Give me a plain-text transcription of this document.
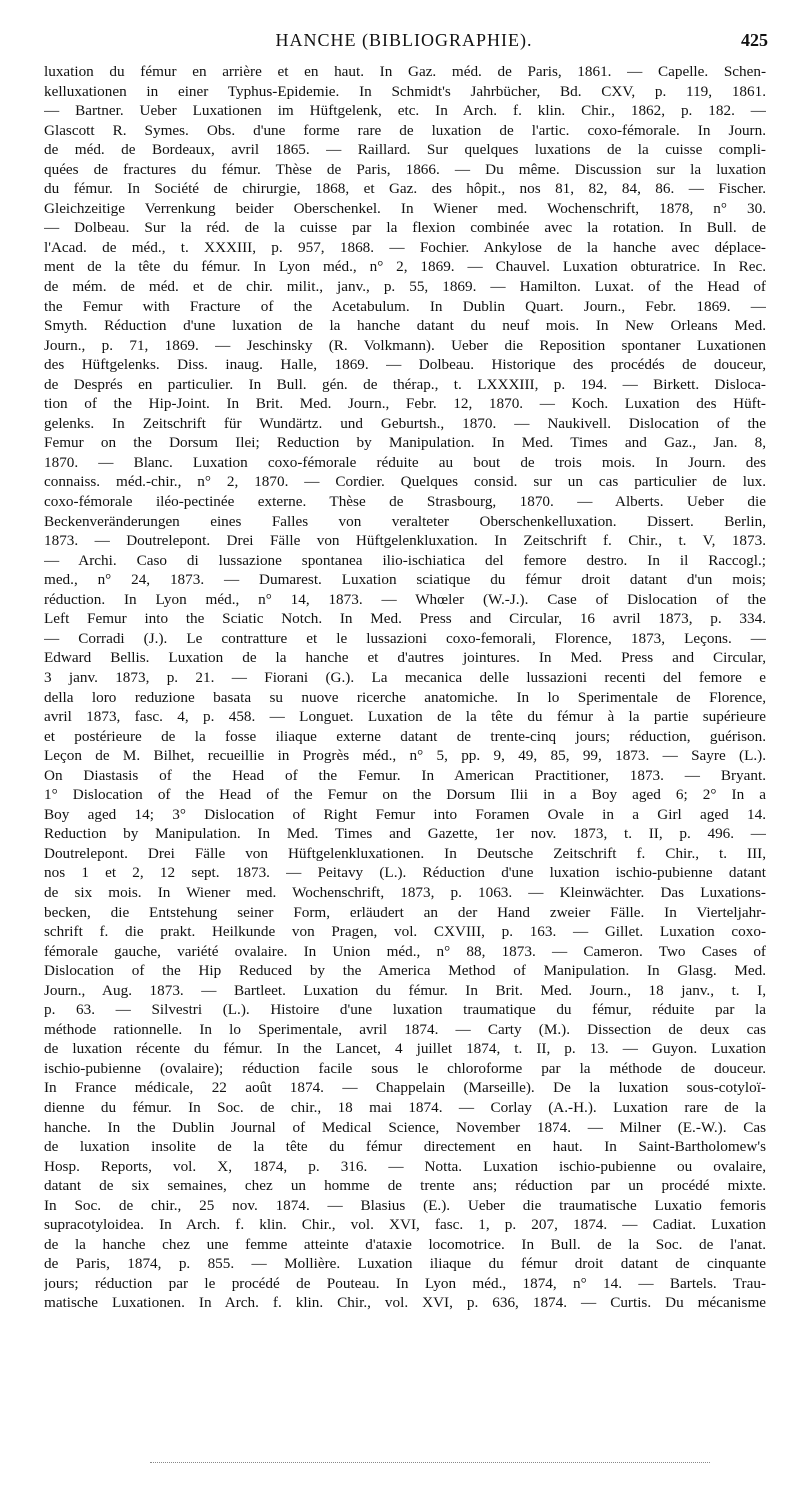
HANCHE (BIBLIOGRAPHIE).	425
luxation du fémur en arrière et en haut. In Gaz. méd. de Paris, 1861. — Capelle. Schen-
kelluxationen in einer Typhus-Epidemie. In Schmidt's Jahrbücher, Bd. CXV, p. 119, 1861.
— Bartner. Ueber Luxationen im Hüftgelenk, etc. In Arch. f. klin. Chir., 1862, p. 182. —
Glascott R. Symes. Obs. d'une forme rare de luxation de l'artic. coxo-fémorale. In Journ.
de méd. de Bordeaux, avril 1865. — Raillard. Sur quelques luxations de la cuisse compli-
quées de fractures du fémur. Thèse de Paris, 1866. — Du même. Discussion sur la luxation
du fémur. In Société de chirurgie, 1868, et Gaz. des hôpit., nos 81, 82, 84, 86. — Fischer.
Gleichzeitige Verrenkung beider Oberschenkel. In Wiener med. Wochenschrift, 1878, n° 30.
— Dolbeau. Sur la réd. de la cuisse par la flexion combinée avec la rotation. In Bull. de
l'Acad. de méd., t. XXXIII, p. 957, 1868. — Fochier. Ankylose de la hanche avec déplace-
ment de la tête du fémur. In Lyon méd., n° 2, 1869. — Chauvel. Luxation obturatrice. In Rec.
de mém. de méd. et de chir. milit., janv., p. 55, 1869. — Hamilton. Luxat. of the Head of
the Femur with Fracture of the Acetabulum. In Dublin Quart. Journ., Febr. 1869. —
Smyth. Réduction d'une luxation de la hanche datant du neuf mois. In New Orleans Med.
Journ., p. 71, 1869. — Jeschinsky (R. Volkmann). Ueber die Reposition spontaner Luxationen
des Hüftgelenks. Diss. inaug. Halle, 1869. — Dolbeau. Historique des procédés de douceur,
de Després en particulier. In Bull. gén. de thérap., t. LXXXIII, p. 194. — Birkett. Disloca-
tion of the Hip-Joint. In Brit. Med. Journ., Febr. 12, 1870. — Koch. Luxation des Hüft-
gelenks. In Zeitschrift für Wundärtz. und Geburtsh., 1870. — Naukivell. Dislocation of the
Femur on the Dorsum Ilei; Reduction by Manipulation. In Med. Times and Gaz., Jan. 8,
1870. — Blanc. Luxation coxo-fémorale réduite au bout de trois mois. In Journ. des
connaiss. méd.-chir., n° 2, 1870. — Cordier. Quelques consid. sur un cas particulier de lux.
coxo-fémorale iléo-pectinée externe. Thèse de Strasbourg, 1870. — Alberts. Ueber die
Beckenveränderungen eines Falles von veralteter Oberschenkelluxation. Dissert. Berlin,
1873. — Doutrelepont. Drei Fälle von Hüftgelenkluxation. In Zeitschrift f. Chir., t. V, 1873.
— Archi. Caso di lussazione spontanea ilio-ischiatica del femore destro. In il Raccogl.;
med., n° 24, 1873. — Dumarest. Luxation sciatique du fémur droit datant d'un mois;
réduction. In Lyon méd., n° 14, 1873. — Whœler (W.-J.). Case of Dislocation of the
Left Femur into the Sciatic Notch. In Med. Press and Circular, 16 avril 1873, p. 334.
— Corradi (J.). Le contratture et le lussazioni coxo-femorali, Florence, 1873, Leçons. —
Edward Bellis. Luxation de la hanche et d'autres jointures. In Med. Press and Circular,
3 janv. 1873, p. 21. — Fiorani (G.). La mecanica delle lussazioni recenti del femore e
della loro reduzione basata su nuove ricerche anatomiche. In lo Sperimentale de Florence,
avril 1873, fasc. 4, p. 458. — Longuet. Luxation de la tête du fémur à la partie supérieure
et postérieure de la fosse iliaque externe datant de trente-cinq jours; réduction, guérison.
Leçon de M. Bilhet, recueillie in Progrès méd., n° 5, pp. 9, 49, 85, 99, 1873. — Sayre (L.).
On Diastasis of the Head of the Femur. In American Practitioner, 1873. — Bryant.
1° Dislocation of the Head of the Femur on the Dorsum Ilii in a Boy aged 6; 2° In a
Boy aged 14; 3° Dislocation of Right Femur into Foramen Ovale in a Girl aged 14.
Reduction by Manipulation. In Med. Times and Gazette, 1er nov. 1873, t. II, p. 496. —
Doutrelepont. Drei Fälle von Hüftgelenkluxationen. In Deutsche Zeitschrift f. Chir., t. III,
nos 1 et 2, 12 sept. 1873. — Peitavy (L.). Réduction d'une luxation ischio-pubienne datant
de six mois. In Wiener med. Wochenschrift, 1873, p. 1063. — Kleinwächter. Das Luxations-
becken, die Entstehung seiner Form, erläudert an der Hand zweier Fälle. In Vierteljahr-
schrift f. die prakt. Heilkunde von Pragen, vol. CXVIII, p. 163. — Gillet. Luxation coxo-
fémorale gauche, variété ovalaire. In Union méd., n° 88, 1873. — Cameron. Two Cases of
Dislocation of the Hip Reduced by the America Method of Manipulation. In Glasg. Med.
Journ., Aug. 1873. — Bartleet. Luxation du fémur. In Brit. Med. Journ., 18 janv., t. I,
p. 63. — Silvestri (L.). Histoire d'une luxation traumatique du fémur, réduite par la
méthode rationnelle. In lo Sperimentale, avril 1874. — Carty (M.). Dissection de deux cas
de luxation récente du fémur. In the Lancet, 4 juillet 1874, t. II, p. 13. — Guyon. Luxation
ischio-pubienne (ovalaire); réduction facile sous le chloroforme par la méthode de douceur.
In France médicale, 22 août 1874. — Chappelain (Marseille). De la luxation sous-cotyloï-
dienne du fémur. In Soc. de chir., 18 mai 1874. — Corlay (A.-H.). Luxation rare de la
hanche. In the Dublin Journal of Medical Science, November 1874. — Milner (E.-W.). Cas
de luxation insolite de la tête du fémur directement en haut. In Saint-Bartholomew's
Hosp. Reports, vol. X, 1874, p. 316. — Notta. Luxation ischio-pubienne ou ovalaire,
datant de six semaines, chez un homme de trente ans; réduction par un procédé mixte.
In Soc. de chir., 25 nov. 1874. — Blasius (E.). Ueber die traumatische Luxatio femoris
supracotyloidea. In Arch. f. klin. Chir., vol. XVI, fasc. 1, p. 207, 1874. — Cadiat. Luxation
de la hanche chez une femme atteinte d'ataxie locomotrice. In Bull. de la Soc. de l'anat.
de Paris, 1874, p. 855. — Mollière. Luxation iliaque du fémur droit datant de cinquante
jours; réduction par le procédé de Pouteau. In Lyon méd., 1874, n° 14. — Bartels. Trau-
matische Luxationen. In Arch. f. klin. Chir., vol. XVI, p. 636, 1874. — Curtis. Du mécanisme
